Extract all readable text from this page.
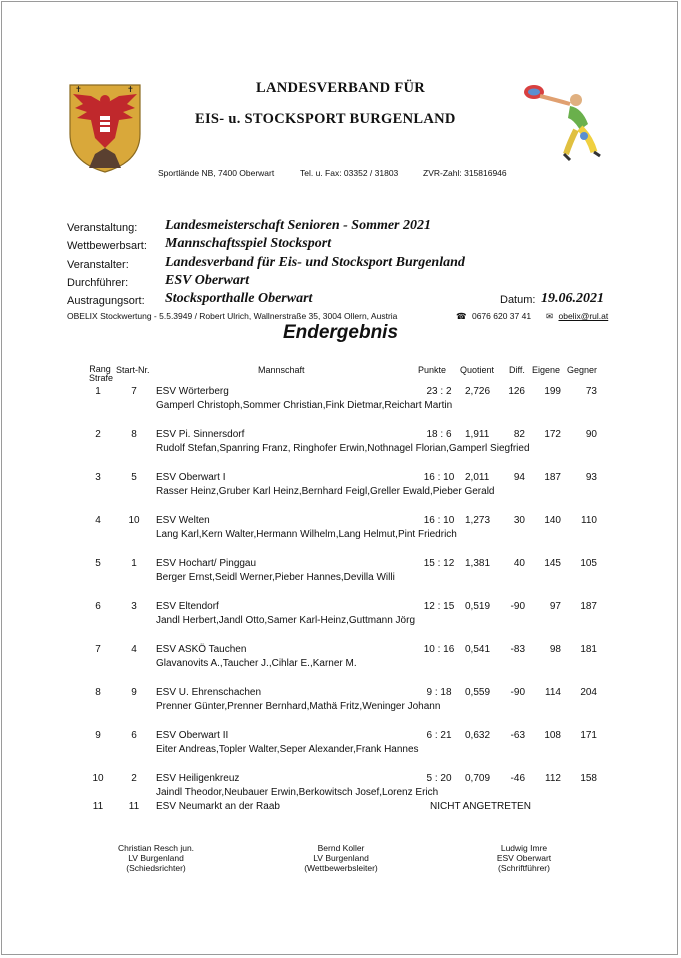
✝	✝	LANDESVERBAND FÜR
EIS- u. STOCKSPORT BURGENLAND
Sportlände NB, 7400 Oberwart	Tel. u. Fax: 03352 / 31803	ZVR-Zahl: 315816946
Veranstaltung: Landesmeisterschaft Senioren - Sommer 2021
Wettbewerbsart: Mannschaftsspiel Stocksport
Veranstalter:	Landesverband für Eis- und Stocksport Burgenland
Durchführer:	ESV Oberwart
Austragungsort: Stocksporthalle Oberwart	Datum: 19.06.2021
OBELIX Stockwertung - 5.5.3949 / Robert Ulrich, Wallnerstraße 35, 3004 Ollern, Austria	☎ 0676 620 37 41 ✉ obelix@rul.at
Endergebnis
Rang
Strafe
Start-Nr.	Mannschaft	Punkte Quotient Diff. Eigene Gegner
1	7	ESV Wörterberg	23 : 2	2,726	126	199	73
Gamperl Christoph,Sommer Christian,Fink Dietmar,Reichart Martin
2	8	ESV Pi. Sinnersdorf	18 : 6	1,911	82	172	90
Rudolf Stefan,Spanring Franz, Ringhofer Erwin,Nothnagel Florian,Gamperl Siegfried
3	5	ESV Oberwart I	16 : 10	2,011	94	187	93
Rasser Heinz,Gruber Karl Heinz,Bernhard Feigl,Greller Ewald,Pieber Gerald
4	10	ESV Welten	16 : 10	1,273	30	140	110
Lang Karl,Kern Walter,Hermann Wilhelm,Lang Helmut,Pint Friedrich
5	1	ESV Hochart/ Pinggau	15 : 12	1,381	40	145	105
Berger Ernst,Seidl Werner,Pieber Hannes,Devilla Willi
6	3	ESV Eltendorf	12 : 15	0,519	-90	97	187
Jandl Herbert,Jandl Otto,Samer Karl-Heinz,Guttmann Jörg
7	4	ESV ASKÖ Tauchen	10 : 16	0,541	-83	98	181
Glavanovits A.,Taucher J.,Cihlar E.,Karner M.
8	9	ESV U. Ehrenschachen	9 : 18	0,559	-90	114	204
Prenner Günter,Prenner Bernhard,Mathä Fritz,Weninger Johann
9	6	ESV Oberwart II	6 : 21	0,632	-63	108	171
Eiter Andreas,Topler Walter,Seper Alexander,Frank Hannes
10	2	ESV Heiligenkreuz	5 : 20	0,709	-46	112	158
Jaindl Theodor,Neubauer Erwin,Berkowitsch Josef,Lorenz Erich
11	11	ESV Neumarkt an der Raab	NICHT ANGETRETEN
Christian Resch jun.
LV Burgenland
(Schiedsrichter)
Bernd Koller
LV Burgenland
(Wettbewerbsleiter)
Ludwig Imre
ESV Oberwart
(Schriftführer)
